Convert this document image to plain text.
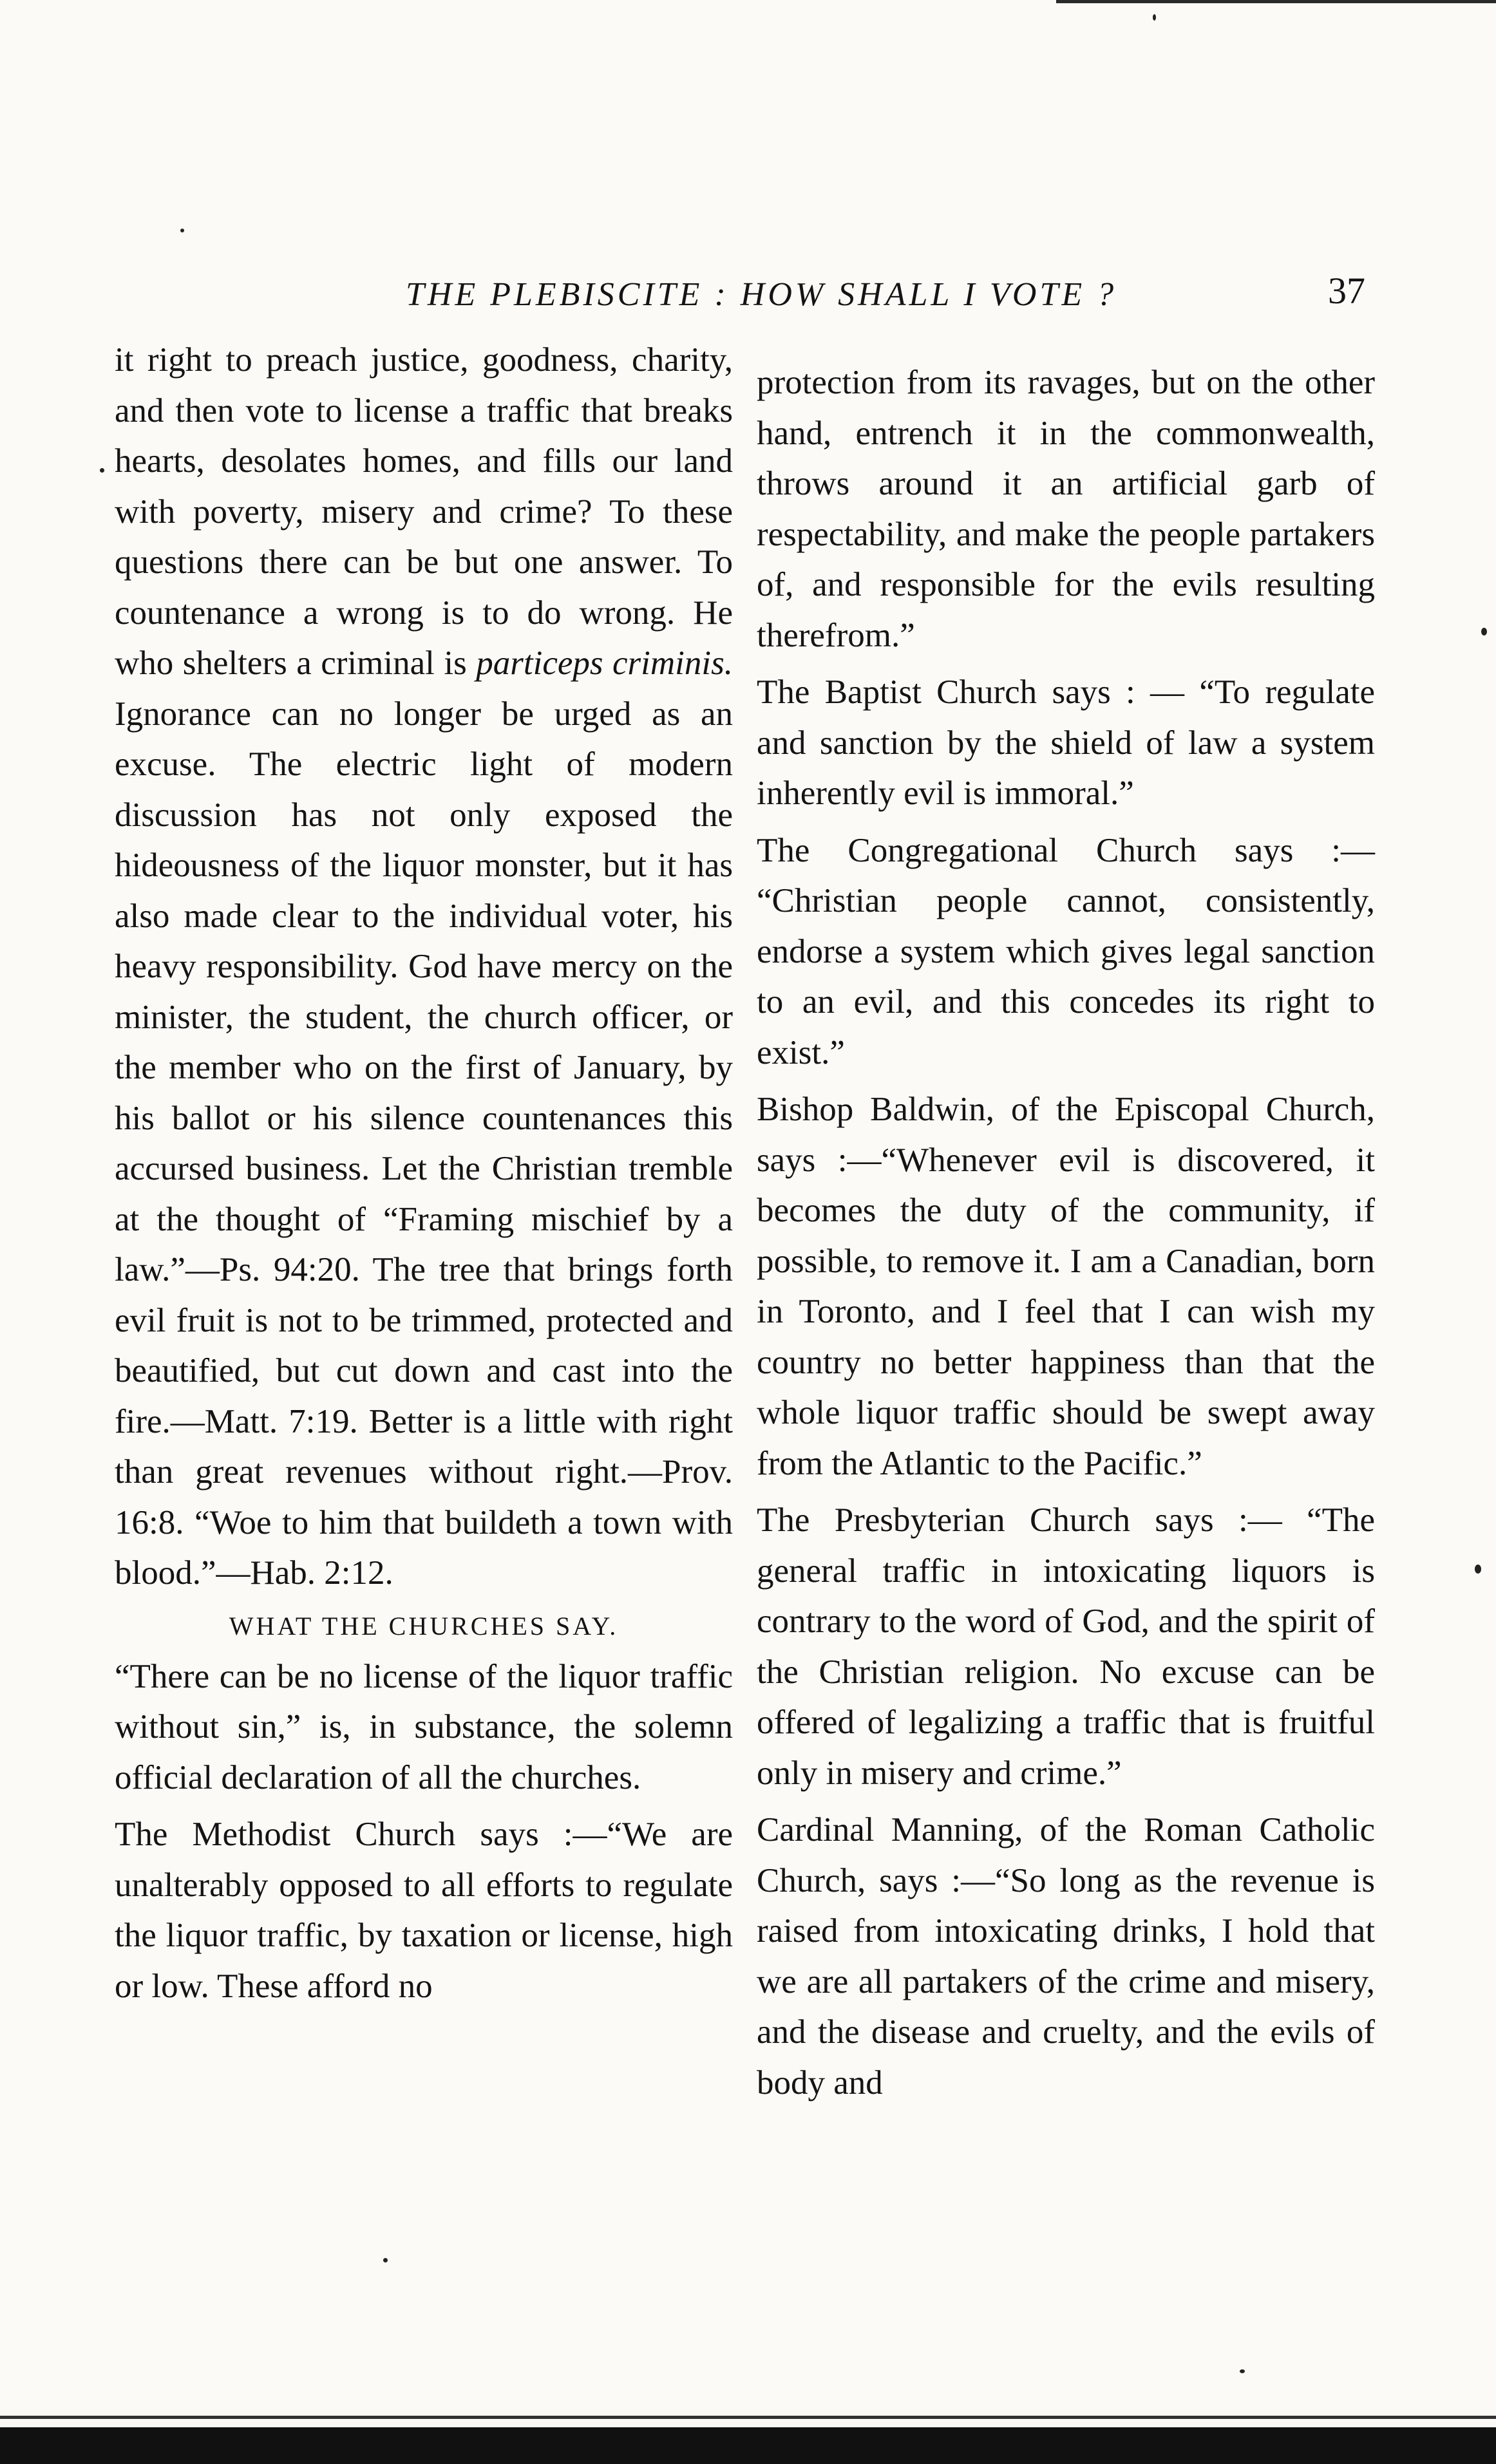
THE PLEBISCITE : HOW SHALL I VOTE ?	37

it right to preach justice, goodness, charity, and then vote to license a traffic that breaks hearts, desolates homes, and fills our land with poverty, misery and crime? To these questions there can be but one answer. To countenance a wrong is to do wrong. He who shelters a criminal is particeps criminis. Ignorance can no longer be urged as an excuse. The electric light of modern discussion has not only exposed the hideousness of the liquor monster, but it has also made clear to the individual voter, his heavy responsibility. God have mercy on the minister, the student, the church officer, or the member who on the first of January, by his ballot or his silence countenances this accursed business. Let the Christian tremble at the thought of “Framing mischief by a law.”—Ps. 94:20. The tree that brings forth evil fruit is not to be trimmed, protected and beautified, but cut down and cast into the fire.—Matt. 7:19. Better is a little with right than great revenues without right.—Prov. 16:8. “Woe to him that buildeth a town with blood.”—Hab. 2:12.

WHAT THE CHURCHES SAY.

“There can be no license of the liquor traffic without sin,” is, in substance, the solemn official declaration of all the churches.

The Methodist Church says :—“We are unalterably opposed to all efforts to regulate the liquor traffic, by taxation or license, high or low. These afford no

protection from its ravages, but on the other hand, entrench it in the commonwealth, throws around it an artificial garb of respectability, and make the people partakers of, and responsible for the evils resulting therefrom.”

The Baptist Church says : — “To regulate and sanction by the shield of law a system inherently evil is immoral.”

The Congregational Church says :— “Christian people cannot, consistently, endorse a system which gives legal sanction to an evil, and this concedes its right to exist.”

Bishop Baldwin, of the Episcopal Church, says :—“Whenever evil is discovered, it becomes the duty of the community, if possible, to remove it. I am a Canadian, born in Toronto, and I feel that I can wish my country no better happiness than that the whole liquor traffic should be swept away from the Atlantic to the Pacific.”

The Presbyterian Church says :— “The general traffic in intoxicating liquors is contrary to the word of God, and the spirit of the Christian religion. No excuse can be offered of legalizing a traffic that is fruitful only in misery and crime.”

Cardinal Manning, of the Roman Catholic Church, says :—“So long as the revenue is raised from intoxicating drinks, I hold that we are all partakers of the crime and misery, and the disease and cruelty, and the evils of body and
